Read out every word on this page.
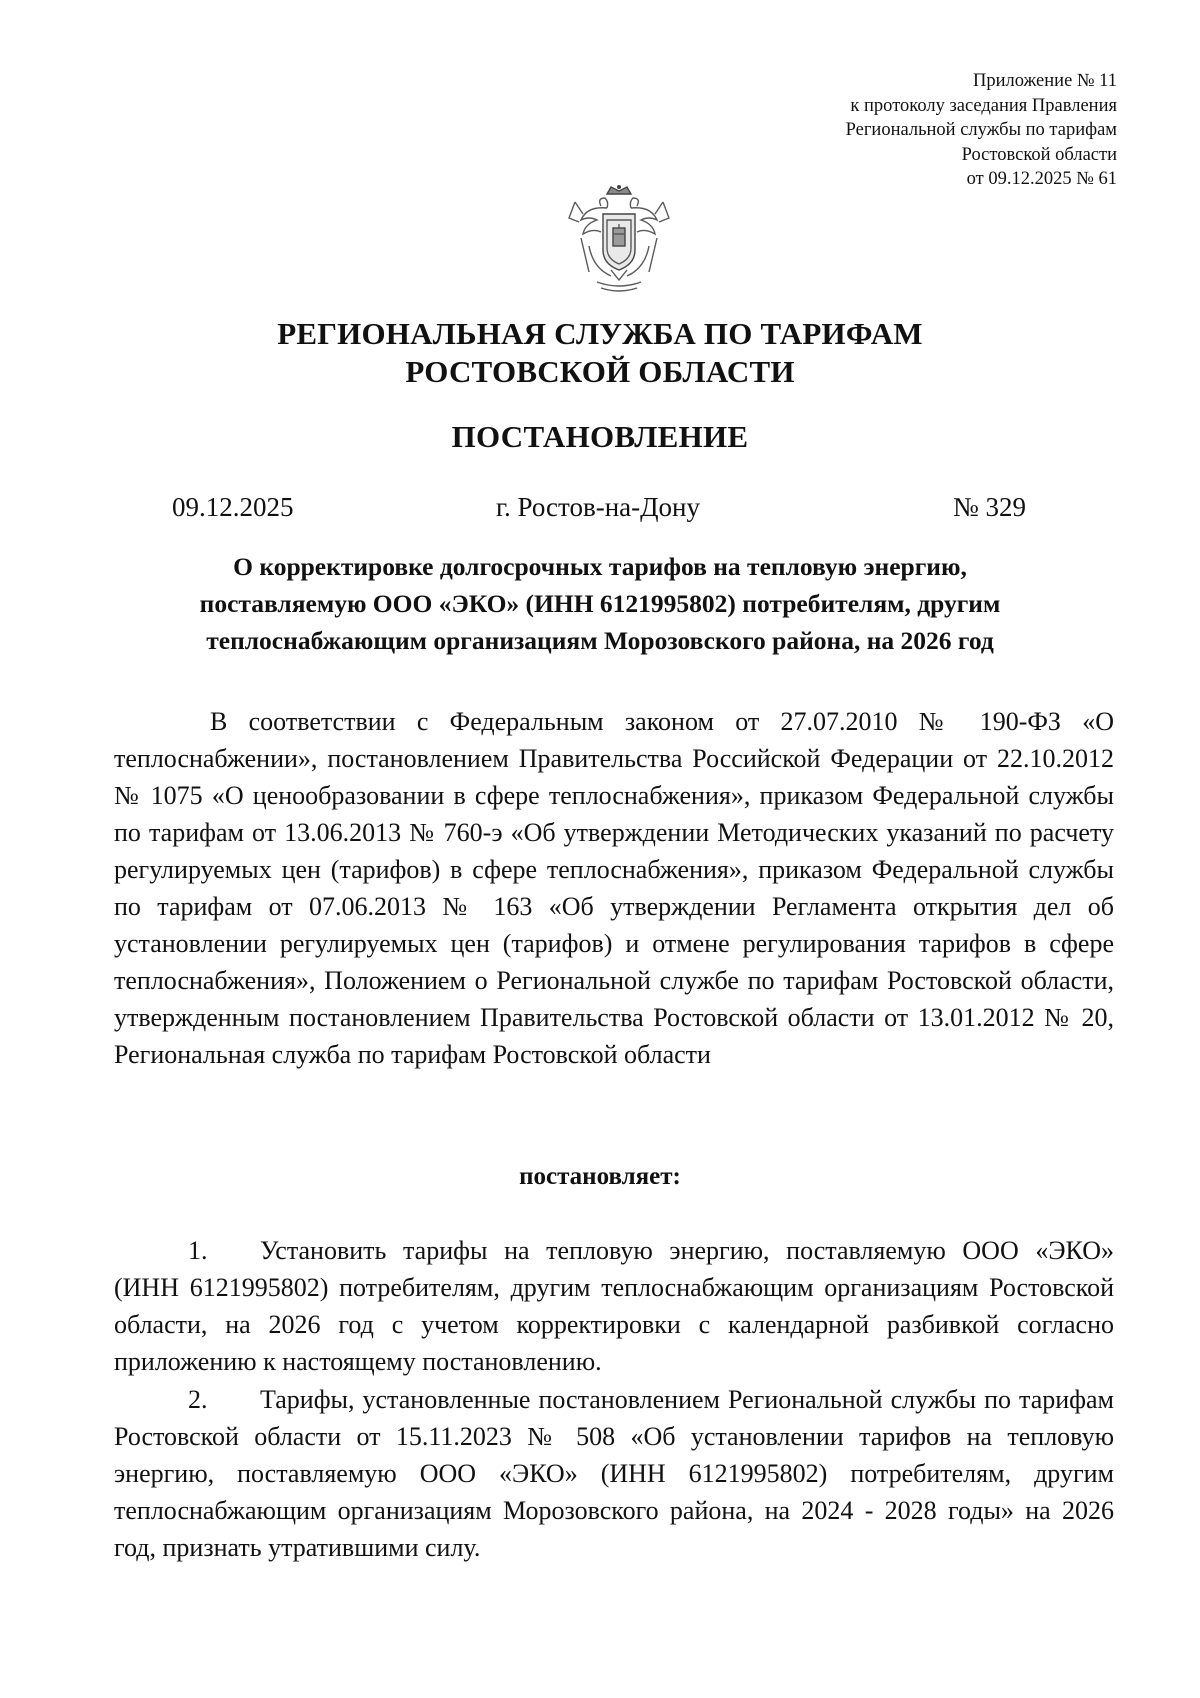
Приложение № 11
к протоколу заседания Правления
Региональной службы по тарифам
Ростовской области
от 09.12.2025 № 61
РЕГИОНАЛЬНАЯ СЛУЖБА ПО ТАРИФАМ
РОСТОВСКОЙ ОБЛАСТИ
ПОСТАНОВЛЕНИЕ
09.12.2025	г. Ростов-на-Дону	№ 329
О корректировке долгосрочных тарифов на тепловую энергию,
поставляемую ООО «ЭКО» (ИНН 6121995802) потребителям, другим
теплоснабжающим организациям Морозовского района, на 2026 год
В соответствии с Федеральным законом от 27.07.2010 № 190-ФЗ «О теплоснабжении», постановлением Правительства Российской Федерации от 22.10.2012 № 1075 «О ценообразовании в сфере теплоснабжения», приказом Федеральной службы по тарифам от 13.06.2013 № 760-э «Об утверждении Методических указаний по расчету регулируемых цен (тарифов) в сфере теплоснабжения», приказом Федеральной службы по тарифам от 07.06.2013 № 163 «Об утверждении Регламента открытия дел об установлении регулируемых цен (тарифов) и отмене регулирования тарифов в сфере теплоснабжения», Положением о Региональной службе по тарифам Ростовской области, утвержденным постановлением Правительства Ростовской области от 13.01.2012 № 20, Региональная служба по тарифам Ростовской области
постановляет:
1. Установить тарифы на тепловую энергию, поставляемую ООО «ЭКО» (ИНН 6121995802) потребителям, другим теплоснабжающим организациям Ростовской области, на 2026 год с учетом корректировки с календарной разбивкой согласно приложению к настоящему постановлению.
2. Тарифы, установленные постановлением Региональной службы по тарифам Ростовской области от 15.11.2023 № 508 «Об установлении тарифов на тепловую энергию, поставляемую ООО «ЭКО» (ИНН 6121995802) потребителям, другим теплоснабжающим организациям Морозовского района, на 2024 - 2028 годы» на 2026 год, признать утратившими силу.
